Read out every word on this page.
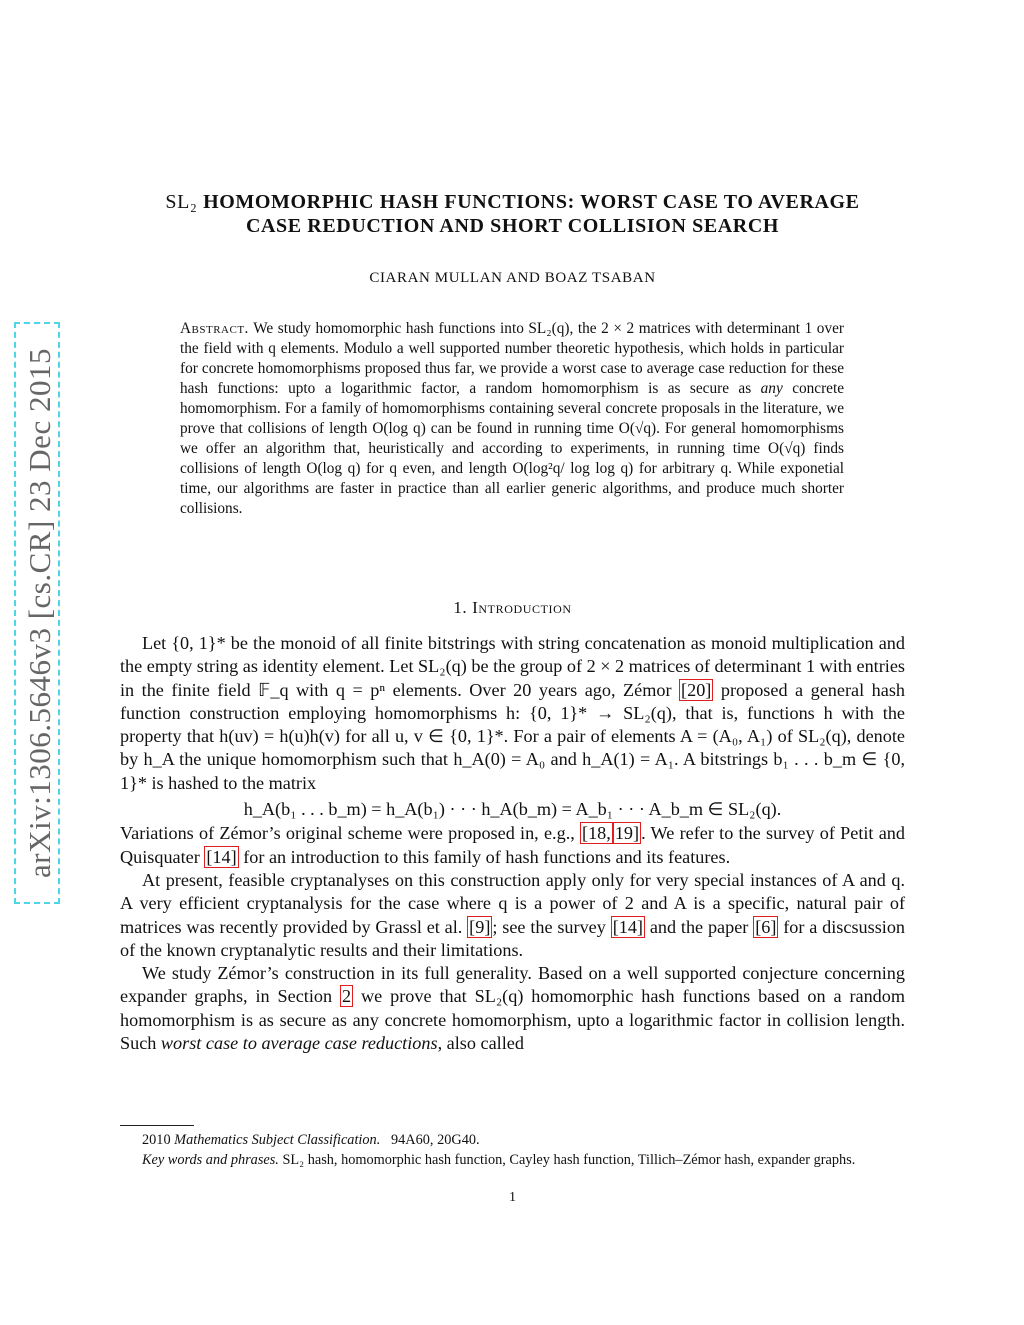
arXiv:1306.5646v3 [cs.CR] 23 Dec 2015
SL₂ HOMOMORPHIC HASH FUNCTIONS: WORST CASE TO AVERAGE
CASE REDUCTION AND SHORT COLLISION SEARCH
CIARAN MULLAN AND BOAZ TSABAN
Abstract. We study homomorphic hash functions into SL₂(q), the 2 × 2 matrices with determinant 1 over the field with q elements. Modulo a well supported number theoretic hypothesis, which holds in particular for concrete homomorphisms proposed thus far, we provide a worst case to average case reduction for these hash functions: upto a logarithmic factor, a random homomorphism is as secure as any concrete homomorphism. For a family of homomorphisms containing several concrete proposals in the literature, we prove that collisions of length O(log q) can be found in running time O(√q). For general homomorphisms we offer an algorithm that, heuristically and according to experiments, in running time O(√q) finds collisions of length O(log q) for q even, and length O(log²q/ log log q) for arbitrary q. While exponetial time, our algorithms are faster in practice than all earlier generic algorithms, and produce much shorter collisions.
1. Introduction

Let {0, 1}* be the monoid of all finite bitstrings with string concatenation as monoid multiplication and the empty string as identity element. Let SL₂(q) be the group of 2 × 2 matrices of determinant 1 with entries in the finite field 𝔽_q with q = pⁿ elements. Over 20 years ago, Zémor [20] proposed a general hash function construction employing homomorphisms h: {0, 1}* → SL₂(q), that is, functions h with the property that h(uv) = h(u)h(v) for all u, v ∈ {0, 1}*. For a pair of elements A = (A₀, A₁) of SL₂(q), denote by h_A the unique homomorphism such that h_A(0) = A₀ and h_A(1) = A₁. A bitstrings b₁ . . . b_m ∈ {0, 1}* is hashed to the matrix

h_A(b₁ . . . b_m) = h_A(b₁) · · · h_A(b_m) = A_b₁ · · · A_b_m ∈ SL₂(q).

Variations of Zémor’s original scheme were proposed in, e.g., [18, 19] . We refer to the survey of Petit and Quisquater [14] for an introduction to this family of hash functions and its features.

At present, feasible cryptanalyses on this construction apply only for very special instances of A and q. A very efficient cryptanalysis for the case where q is a power of 2 and A is a specific, natural pair of matrices was recently provided by Grassl et al. [9] ; see the survey [14] and the paper [6] for a discsussion of the known cryptanalytic results and their limitations.

We study Zémor’s construction in its full generality. Based on a well supported conjecture concerning expander graphs, in Section 2 we prove that SL₂(q) homomorphic hash functions based on a random homomorphism is as secure as any concrete homomorphism, upto a logarithmic factor in collision length. Such worst case to average case reductions, also called

2010 Mathematics Subject Classification. 94A60, 20G40.

Key words and phrases. SL₂ hash, homomorphic hash function, Cayley hash function, Tillich–Zémor hash, expander graphs.

1
